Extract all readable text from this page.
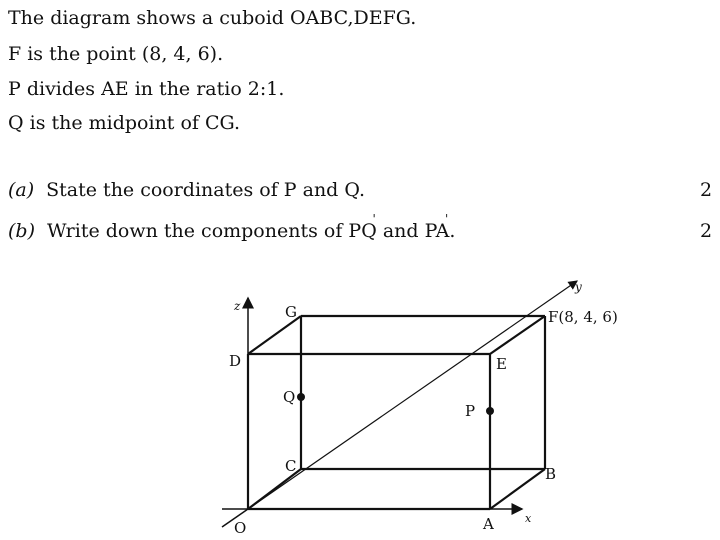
The diagram shows a cuboid OABC,DEFG.
F is the point (8, 4, 6).
P divides AE in the ratio 2:1.
Q is the midpoint of CG.
(a) State the coordinates of P and Q.	2
(b) Write down the components of ' PQ and ' PA.	2
z
x
y
O	A
B
C
D	E
F(8, 4, 6)
G
P
Q
